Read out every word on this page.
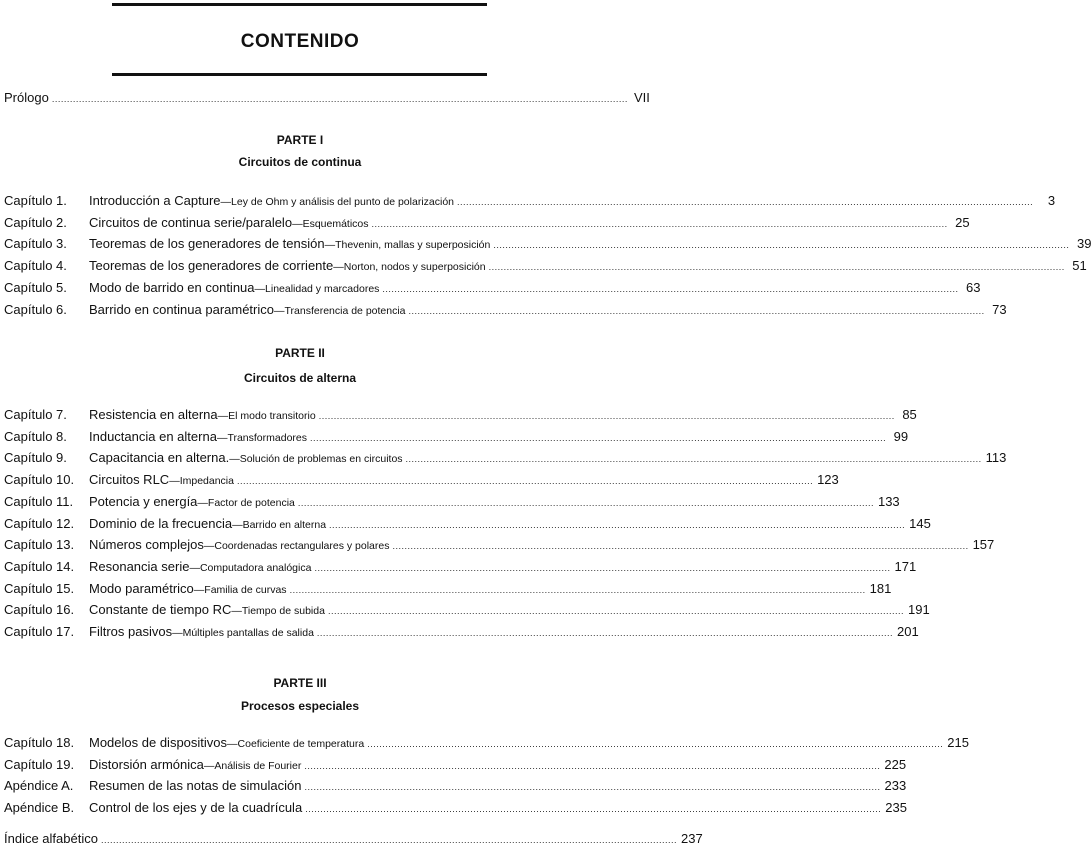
CONTENIDO
Prólogo ................................................................................................................................................................................................ VII
PARTE I
Circuitos de continua
Capítulo 1. Introducción a Capture —Ley de Ohm y análisis del punto de polarización ................................................................................................................................................................................................	3
Capítulo 2. Circuitos de continua serie/paralelo —Esquemáticos ................................................................................................................................................................................................ 25
Capítulo 3. Teoremas de los generadores de tensión —Thevenin, mallas y superposición ................................................................................................................................................................................................ 39
Capítulo 4. Teoremas de los generadores de corriente —Norton, nodos y superposición ................................................................................................................................................................................................ 51
Capítulo 5. Modo de barrido en continua —Linealidad y marcadores ................................................................................................................................................................................................ 63
Capítulo 6. Barrido en continua paramétrico —Transferencia de potencia ................................................................................................................................................................................................ 73
PARTE II
Circuitos de alterna
Capítulo 7. Resistencia en alterna —El modo transitorio ................................................................................................................................................................................................ 85
Capítulo 8. Inductancia en alterna —Transformadores ................................................................................................................................................................................................ 99
Capítulo 9. Capacitancia en alterna. —Solución de problemas en circuitos ................................................................................................................................................................................................ 113
Capítulo 10. Circuitos RLC —Impedancia ................................................................................................................................................................................................ 123
Capítulo 11. Potencia y energía —Factor de potencia ................................................................................................................................................................................................ 133
Capítulo 12. Dominio de la frecuencia —Barrido en alterna ................................................................................................................................................................................................ 145
Capítulo 13. Números complejos —Coordenadas rectangulares y polares ................................................................................................................................................................................................ 157
Capítulo 14. Resonancia serie —Computadora analógica ................................................................................................................................................................................................ 171
Capítulo 15. Modo paramétrico —Familia de curvas ................................................................................................................................................................................................ 181
Capítulo 16. Constante de tiempo RC —Tiempo de subida ................................................................................................................................................................................................ 191
Capítulo 17. Filtros pasivos —Múltiples pantallas de salida ................................................................................................................................................................................................ 201
PARTE III
Procesos especiales
Capítulo 18. Modelos de dispositivos —Coeficiente de temperatura ................................................................................................................................................................................................ 215
Capítulo 19. Distorsión armónica —Análisis de Fourier ................................................................................................................................................................................................ 225
Apéndice A. Resumen de las notas de simulación ................................................................................................................................................................................................ 233
Apéndice B. Control de los ejes y de la cuadrícula ................................................................................................................................................................................................ 235
Índice alfabético ................................................................................................................................................................................................ 237
